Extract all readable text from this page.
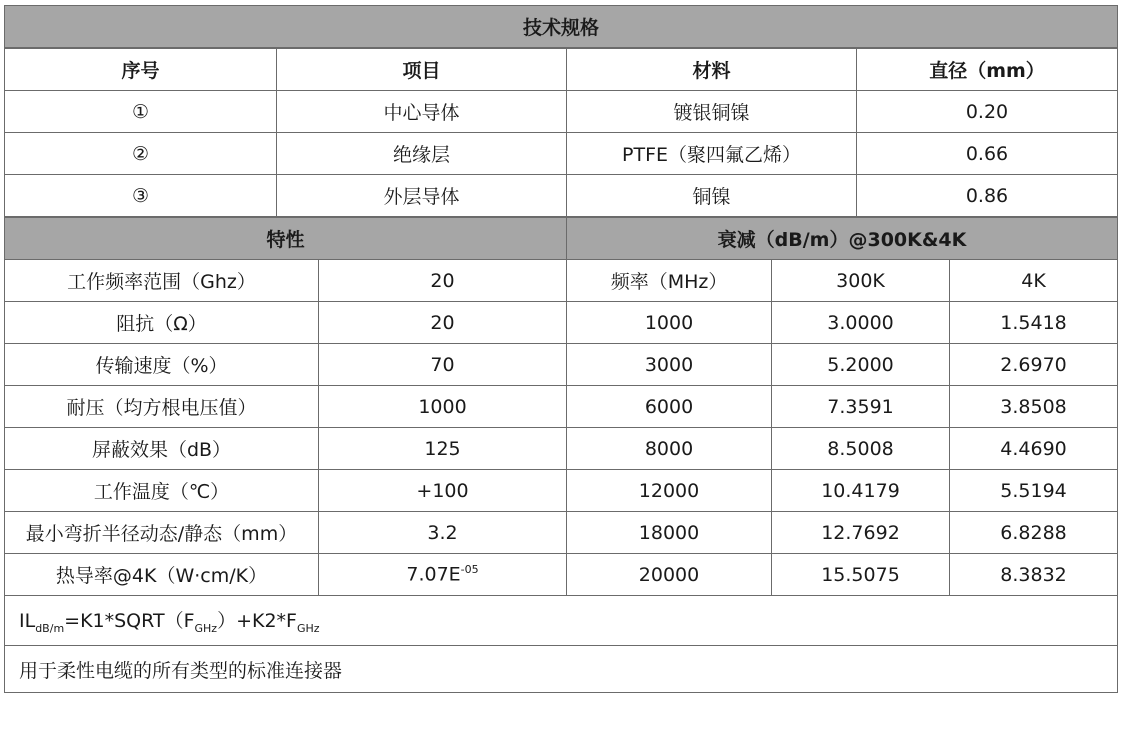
技术规格
序号	项目	材料	直径（mm）
①	中心导体	镀银铜镍	0.20
②	绝缘层	PTFE（聚四氟乙烯）	0.66
③	外层导体	铜镍	0.86
特性		衰减（dB/m）@300K&4K		
工作频率范围（Ghz）	20	频率（MHz）	300K	4K
阻抗（Ω）	20	1000	3.0000	1.5418
传输速度（%）	70	3000	5.2000	2.6970
耐压（均方根电压值）	1000	6000	7.3591	3.8508
屏蔽效果（dB）	125	8000	8.5008	4.4690
工作温度（℃）	+100	12000	10.4179	5.5194
最小弯折半径动态/静态（mm）	3.2	18000	12.7692	6.8288
热导率@4K（W·cm/K）	$7.07E^{-05}$	20000	15.5075	8.3832
$IL_{dB/m}=K1*SQRT(F_{GHz})+K2*F_{GHz}$
用于柔性电缆的所有类型的标准连接器				
